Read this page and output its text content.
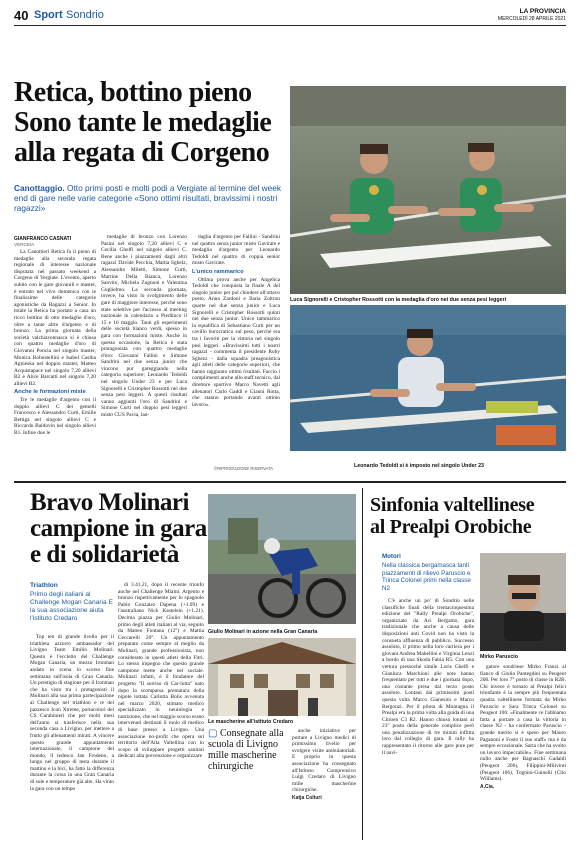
40 Sport Sondrio	LA PROVINCIA
MERCOLEDÌ 28 APRILE 2021
Retica, bottino pieno
Sono tante le medaglie
alla regata di Corgeno
Canottaggio. Otto primi posti e molti podi a Vergiate al termine del week end di gare nelle varie categorie «Sono ottimi risultati, bravissimi i nostri ragazzi»
GIANFRANCO CASNATI
VERCEIA

La Canottieri Retica fa il pieno di medaglie alla seconda regata regionale di interesse nazionale disputata nel passato weekend a Corgeno di Vergiate. L'evento, aperto subito con le gare giovanili e master, è entrato nel vivo domenica con le finalissime delle categorie agonistiche da Ragazzi a Senior. In totale la Retica ha portato a casa un ricco bottino di otto medaglie d'oro, oltre a tante altre d'argento e di bronzo. La prima giornata della società valchiavennasca si è chiusa con quattro medaglie d'oro di Giovanni Poncia nel singolo master, Monica Robustellini e Isabel Caslba Agnieska nel doppio master, Matteo Acquistapace nel singolo 7,20 allievi B2 e Alice Barcatti nel singolo 7,20 allievi B2.

Anche le formazioni miste

Tre le medaglie d'argento con il doppio allievi C dei gemelli Francesco e Alessandro Curti, Emilie Bettiga nel singolo allievi C e Riccardo Baldovin nel singolo allievi B1. Infine due le

medaglie di bronzo con Lorenzo Pasini nel singolo 7,20 allievi C e Cecilia Ghelfi nel singolo allievi C. Bene anche i piazzamenti dagli altri ragazzi Davide Pecchia, Mattia Sghelz, Alessandro Miletti, Simone Curti, Martine Della Bianca, Lorenzo Sanvito, Michela Zugnoni e Valentina Guglielmo. La seconda giornata, invece, ha visto lo svolgimento delle gare di maggiore interesse, perché sono state selettive per l'accesso al meeting nazionale in calendario a Piediluco il 15 e 16 maggio. Tanti gli esperimenti delle società bianco verdi, spesso in gara con formazioni miste. Anche in questa occasione, la Retica è stata protagonista con quattro medaglie d'oro: Giovanni Fallini e Simone Sandrini nel due senza junior che vincono pur gareggiando nella categoria superiore; Leonardo Tedoldi nel singolo Under 23 e per Luca Signorelli e Cristopher Rossotti nel due senza pesi leggeri. A questi risultati vanno aggiunti l'oro di Sandrini e Simone Curti nel doppio pesi leggeri misto CUS Pavia, lan-

daglia d'argento per Fallini - Sandrini nel quattro senza junior misto Gavirate e medaglia d'argento per Leonardo Tedoldi nel quattro di coppia senior misto Gavirate.

L'unico rammarico

Ottima prova anche per Angelica Tedoldi che conquista la finale A del singolo junior per poi chiudere all'ottavo posto, Anna Zardoni e Ilaria Zoltron quarte nel due senza junior e Luca Signorelli e Cristopher Rossotti quinti nel due senza junior. Unico rammarico la squalifica di Sebastiano Curti per un cavillo burocratico sul peso, perché era tra i favoriti per la vittoria nel singolo pesi leggeri. «Bravissimi tutti i nostri ragazzi - commenta il presidente Roby Sghezz - dalla squadra preagonistica agli atleti delle categorie superiori, che hanno raggiunto ottimi risultati. Faccio i complimenti anche allo staff tecnico, dal direttore sportivo Marco Navetti agli allenatori Carlo Gaddi e Gianni Rotta, che stanno portando avanti ottimo lavoro».

©RIPRODUZIONE RISERVATA
Luca Signorelli e Cristopher Rossotti con la medaglia d'oro nei due senza pesi leggeri
Leonardo Tedoldi si è imposto nel singolo Under 23
Bravo Molinari
campione in gara
e di solidarietà
Triathlon
Primo degli italiani al Challenge Mogan Canaria E la sua associazione aiuta l'istituto Credaro

Top ten di grande livello per il triathleta azzurro ambassador del Livigno Team Emilio Molinari. Questo è l'eccletto del Challenge Mogan Canaria, un mezzo Ironman andato in scena lo scorso fine settimana sull'isola di Gran Canaria. Un prestigio di stagione per il Ironman che ha visto tra i protagonisti il Molinari alla sua prima partecipazione al Challenge nel triathlon e re del pazzesco Icon Xtreme, portacolori del CS Carabinieri che per molti mesi dell'anno si trasferisce nella sua seconda casa a Livigno, per mettere a frutto gli allenamenti mirati. A vincere questo grande appuntamento internazionale, il campione del mondo, il tedesco Jan Frodeno, a lungo nel gruppo di testa durante il mattino e la bici, ha fatto la differenza durante la corsa in una Gran Canaria di sole e temperature già alte. Ha vinto la gara con un tempo

di 3.41.21, dopo il recente trionfo anche nel Challenge Miami. Argento e bronzo rispettivamente per lo spagnolo Pablo Gonzalez Dapena (+1.09) e l'australiano Nick Kastelein (+1.21). Decima piazza per Giulio Molinari, primo degli atleti italiani al via, seguito da Matteo Fontana (12°) e Mattia Ceccarelli 20°. Un appuntamento preparato come sempre al meglio da Molinari, grande professionista, non considerato in questi atleti della Fitri. Lo stesso impegno che questo grande campione mette anche nel sociale. Molinari infatti, è il fondatore del progetto "Il sorriso di Car-lotta" nato dopo la scomparsa prematura della nipote lottata Carlotta Bolis avvenuta nel marzo 2020, stimato medico specializzato in neurologia e nutrizione, che nel maggio scorso erano intervenuti destinati il ruolo di medico di base presso a Livigno. Una associazione no-profit che opera sul territorio dell'Alta Valtellina con lo scopo di sviluppare progetti sanitari dedicati alla prevenzione e organizzare

Giulio Molinari in azione nella Gran Canaria
Le mascherine all'istituto Credaro
▢ Consegnate alla scuola di Livigno mille mascherine chirurgiche

anche iniziative per portare a Livigno medici di primissimo livello per svolgere visite ambulatoriali. E proprio in questa associazione ha consegnato all'Istituto Comprensivo Luigi Credaro di Livigno mille mascherine chirurgiche.

Katja Colturi
Sinfonia valtellinese
al Prealpi Orobiche
Motori
Nella classica bergamasca tanti piazzamenti di rilievo Paruscio e Trinca Colonel primi nella classe N2

C'è anche un po' di Sondrio nelle classifiche finali della trentacinquesima edizione del "Rally Prealpi Orobiche", organizzato da Aci Bergamo, gara tradizionale che anche a causa delle disposizioni anti Covid non ha visto la consueta affluenza di pubblico. Successo assoluto, il primo nella loro carriera per i giovani Andrea Mabellini e Virginia Lenzi a bordo di una Skoda Fabia R5. Con una vettura pressoché simile Loris Ghelfi e Gianluca Marchioni alle note hanno frequentato per tutti e due i giornata dopo, una costante presa dal terzo posto assoluto. Lontani dai primissimi posti questa volta Marco Gianesini e Marco Bergonzi. Per il pilota di Montagna il Prealpi era la prima volta alla guida di una Citroen C3 R2. Hanno chiuso lontani al 23° posto della generale complice però una penalizzazione di tre minuti inflitta loro dal collegio di gara. Il rally ha rappresentato il ritorno alle gare pure per il navi-

Mirko Paruscio

gatore sondriese Mirko Franzi al fianco di Giulio Pantegdini su Peugeot 208. Per loro 7° posto di classe in R2B. Chi invece è tornato al Prealpi felici trionfante è la sempre più frequentata quadra valtellinese formata da Mirko Paruscio e Sara Trinca Colonel su Peugeot 106: «Finalmente ce l'abbiamo fatta a portare a casa la vittoria in classe N2 - ha confermato Paruscio - grande merito si è speso per Mauro Paganoni e Fosto il suo staff» ma è da sempre eccezionale. Sarta che ha svolto un lavoro impeccabile». Fine settimana nullo anche per Bagnaschi Gadaldi (Peugeot 206), Filippini-Milivinti (Peugeot 106), Tognini-Guinelli (Clio Williams).

A.Cia.
